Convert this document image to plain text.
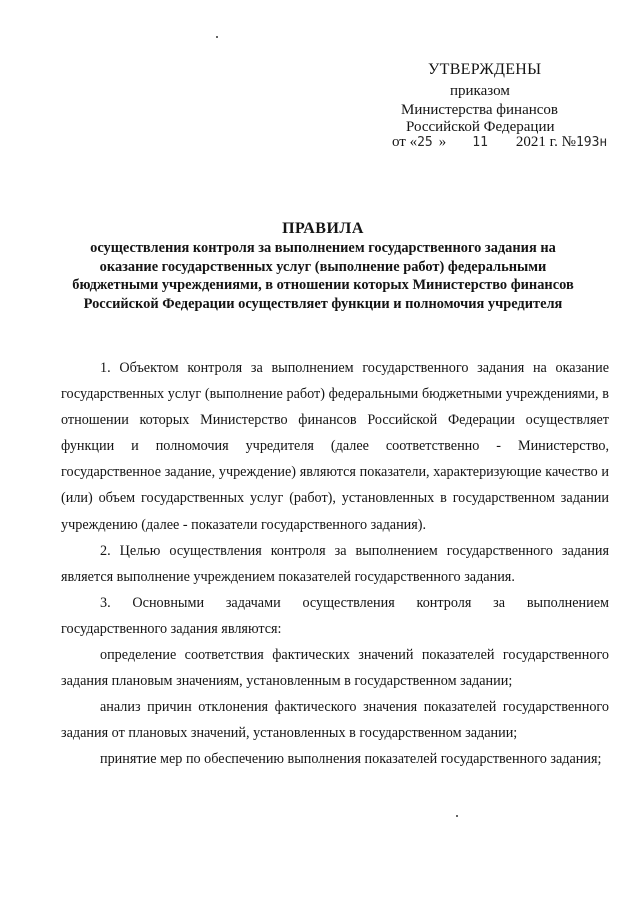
УТВЕРЖДЕНЫ
приказом
Министерства финансов
Российской Федерации
от «25» 11 2021 г. №193н
ПРАВИЛА
осуществления контроля за выполнением государственного задания на оказание государственных услуг (выполнение работ) федеральными бюджетными учреждениями, в отношении которых Министерство финансов Российской Федерации осуществляет функции и полномочия учредителя

1. Объектом контроля за выполнением государственного задания на оказание государственных услуг (выполнение работ) федеральными бюджетными учреждениями, в отношении которых Министерство финансов Российской Федерации осуществляет функции и полномочия учредителя (далее соответственно - Министерство, государственное задание, учреждение) являются показатели, характеризующие качество и (или) объем государственных услуг (работ), установленных в государственном задании учреждению (далее - показатели государственного задания).

2. Целью осуществления контроля за выполнением государственного задания является выполнение учреждением показателей государственного задания.

3. Основными задачами осуществления контроля за выполнением государственного задания являются:

определение соответствия фактических значений показателей государственного задания плановым значениям, установленным в государственном задании;

анализ причин отклонения фактического значения показателей государственного задания от плановых значений, установленных в государственном задании;

принятие мер по обеспечению выполнения показателей государственного задания;
